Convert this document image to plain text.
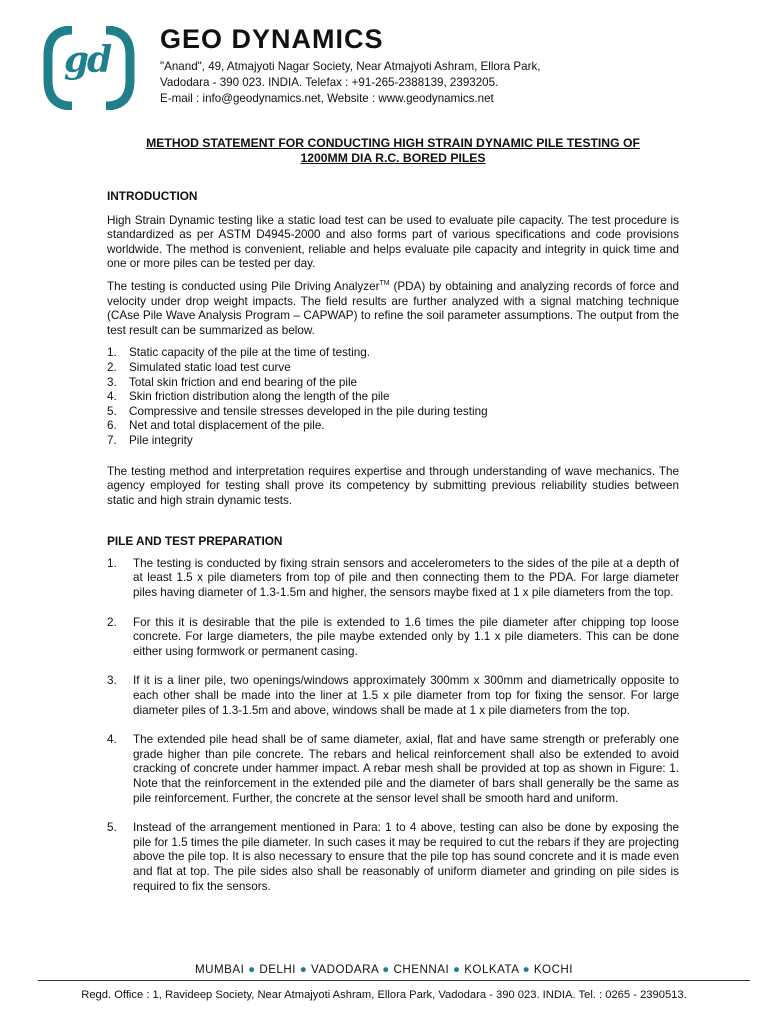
gd	GEO DYNAMICS
"Anand", 49, Atmajyoti Nagar Society, Near Atmajyoti Ashram, Ellora Park,
Vadodara - 390 023. INDIA. Telefax : +91-265-2388139, 2393205.
E-mail : info@geodynamics.net, Website : www.geodynamics.net
METHOD STATEMENT FOR CONDUCTING HIGH STRAIN DYNAMIC PILE TESTING OF
1200MM DIA R.C. BORED PILES
INTRODUCTION

High Strain Dynamic testing like a static load test can be used to evaluate pile capacity. The test procedure is standardized as per ASTM D4945-2000 and also forms part of various specifications and code provisions worldwide. The method is convenient, reliable and helps evaluate pile capacity and integrity in quick time and one or more piles can be tested per day.

The testing is conducted using Pile Driving Analyzer™ (PDA) by obtaining and analyzing records of force and velocity under drop weight impacts. The field results are further analyzed with a signal matching technique (CAse Pile Wave Analysis Program – CAPWAP) to refine the soil parameter assumptions. The output from the test result can be summarized as below.

1.	Static capacity of the pile at the time of testing.
2.	Simulated static load test curve
3.	Total skin friction and end bearing of the pile
4.	Skin friction distribution along the length of the pile
5.	Compressive and tensile stresses developed in the pile during testing
6.	Net and total displacement of the pile.
7.	Pile integrity

The testing method and interpretation requires expertise and through understanding of wave mechanics. The agency employed for testing shall prove its competency by submitting previous reliability studies between static and high strain dynamic tests.

PILE AND TEST PREPARATION
1.	The testing is conducted by fixing strain sensors and accelerometers to the sides of the pile at a depth of at least 1.5 x pile diameters from top of pile and then connecting them to the PDA. For large diameter piles having diameter of 1.3-1.5m and higher, the sensors maybe fixed at 1 x pile diameters from the top.
2.	For this it is desirable that the pile is extended to 1.6 times the pile diameter after chipping top loose concrete. For large diameters, the pile maybe extended only by 1.1 x pile diameters. This can be done either using formwork or permanent casing.
3.	If it is a liner pile, two openings/windows approximately 300mm x 300mm and diametrically opposite to each other shall be made into the liner at 1.5 x pile diameter from top for fixing the sensor. For large diameter piles of 1.3-1.5m and above, windows shall be made at 1 x pile diameters from the top.
4.	The extended pile head shall be of same diameter, axial, flat and have same strength or preferably one grade higher than pile concrete. The rebars and helical reinforcement shall also be extended to avoid cracking of concrete under hammer impact. A rebar mesh shall be provided at top as shown in Figure: 1. Note that the reinforcement in the extended pile and the diameter of bars shall generally be the same as pile reinforcement. Further, the concrete at the sensor level shall be smooth hard and uniform.
5.	Instead of the arrangement mentioned in Para: 1 to 4 above, testing can also be done by exposing the pile for 1.5 times the pile diameter. In such cases it may be required to cut the rebars if they are projecting above the pile top. It is also necessary to ensure that the pile top has sound concrete and it is made even and flat at top. The pile sides also shall be reasonably of uniform diameter and grinding on pile sides is required to fix the sensors.
MUMBAI ● DELHI ● VADODARA ● CHENNAI ● KOLKATA ● KOCHI
Regd. Office : 1, Ravideep Society, Near Atmajyoti Ashram, Ellora Park, Vadodara - 390 023. INDIA. Tel. : 0265 - 2390513.
